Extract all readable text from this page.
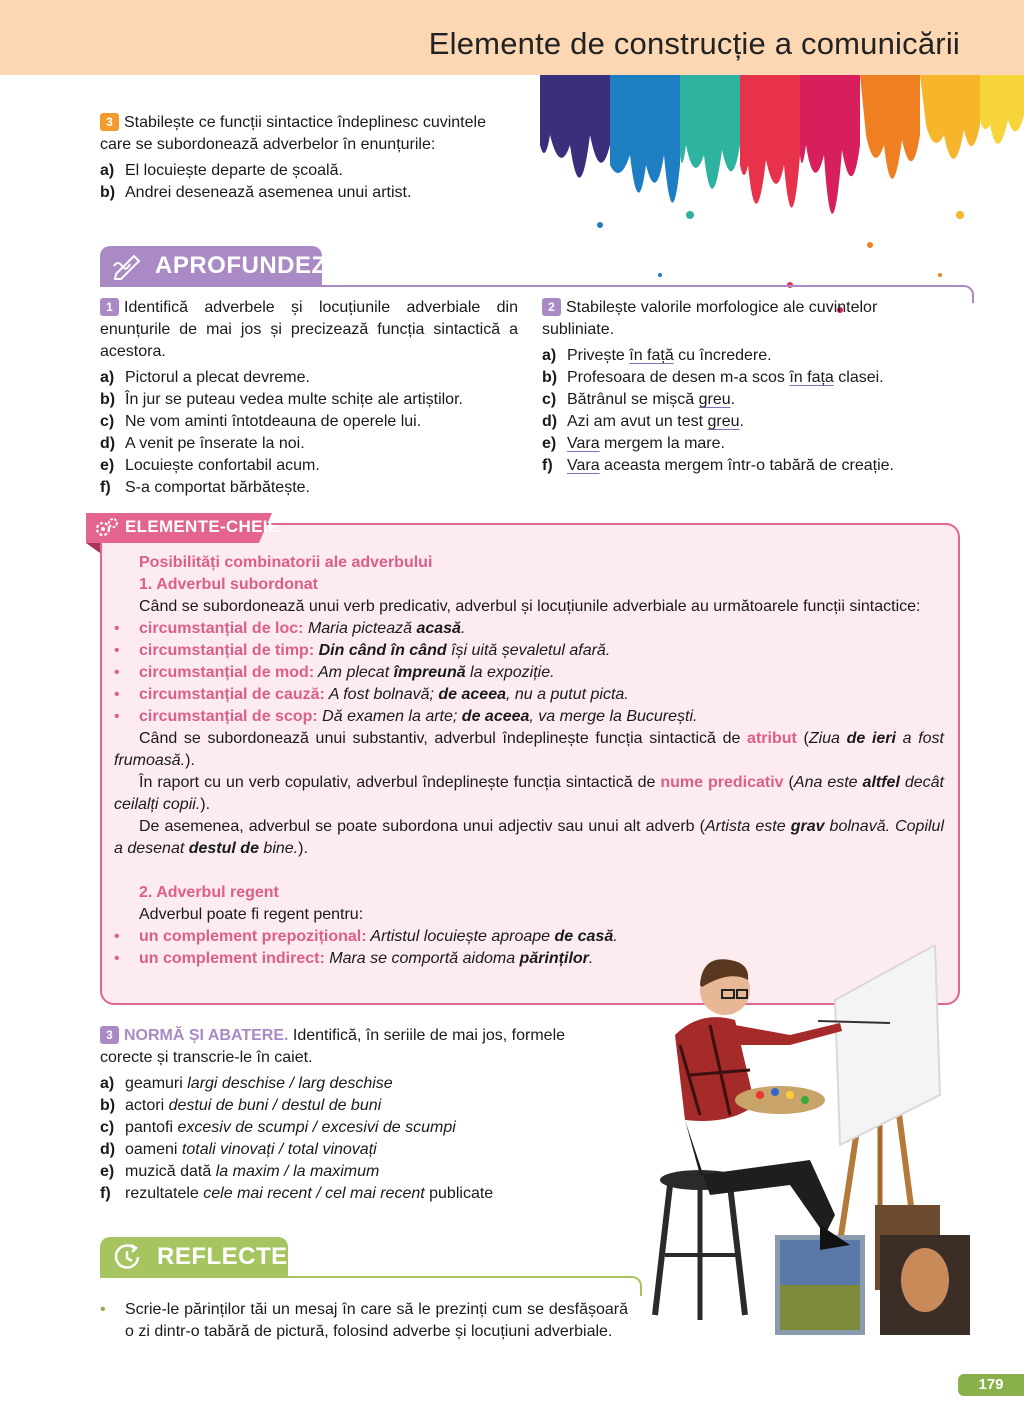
Elemente de construcție a comunicării
3 Stabilește ce funcții sintactice îndeplinesc cuvintele care se subordonează adverbelor în enunțurile:
a) El locuiește departe de școală.
b) Andrei desenează asemenea unui artist.
APROFUNDEZ
1 Identifică adverbele și locuțiunile adverbiale din enunțurile de mai jos și precizează funcția sintactică a acestora.
a) Pictorul a plecat devreme.
b) În jur se puteau vedea multe schițe ale artiștilor.
c) Ne vom aminti întotdeauna de operele lui.
d) A venit pe înserate la noi.
e) Locuiește confortabil acum.
f) S-a comportat bărbătește.
2 Stabilește valorile morfologice ale cuvintelor subliniate.
a) Privește în față cu încredere.
b) Profesoara de desen m-a scos în fața clasei.
c) Bătrânul se mișcă greu.
d) Azi am avut un test greu.
e) Vara mergem la mare.
f) Vara aceasta mergem într-o tabără de creație.
ELEMENTE-CHEIE
Posibilități combinatorii ale adverbului
1. Adverbul subordonat
Când se subordonează unui verb predicativ, adverbul și locuțiunile adverbiale au următoarele funcții sintactice:
• circumstanțial de loc: Maria pictează acasă.
• circumstanțial de timp: Din când în când își uită șevaletul afară.
• circumstanțial de mod: Am plecat împreună la expoziție.
• circumstanțial de cauză: A fost bolnavă; de aceea, nu a putut picta.
• circumstanțial de scop: Dă examen la arte; de aceea, va merge la București.
Când se subordonează unui substantiv, adverbul îndeplinește funcția sintactică de atribut (Ziua de ieri a fost frumoasă.).
În raport cu un verb copulativ, adverbul îndeplinește funcția sintactică de nume predicativ (Ana este altfel decât ceilalți copii.).
De asemenea, adverbul se poate subordona unui adjectiv sau unui alt adverb (Artista este grav bolnavă. Copilul a desenat destul de bine.).
2. Adverbul regent
Adverbul poate fi regent pentru:
• un complement prepozițional: Artistul locuiește aproape de casă.
• un complement indirect: Mara se comportă aidoma părinților.
3 NORMĂ ȘI ABATERE. Identifică, în seriile de mai jos, formele corecte și transcrie-le în caiet.
a) geamuri largi deschise / larg deschise
b) actori destui de buni / destul de buni
c) pantofi excesiv de scumpi / excesivi de scumpi
d) oameni totali vinovați / total vinovați
e) muzică dată la maxim / la maximum
f) rezultatele cele mai recent / cel mai recent publicate
REFLECTEZ
• Scrie-le părinților tăi un mesaj în care să le prezinți cum se desfășoară o zi dintr-o tabără de pictură, folosind adverbe și locuțiuni adverbiale.
179
